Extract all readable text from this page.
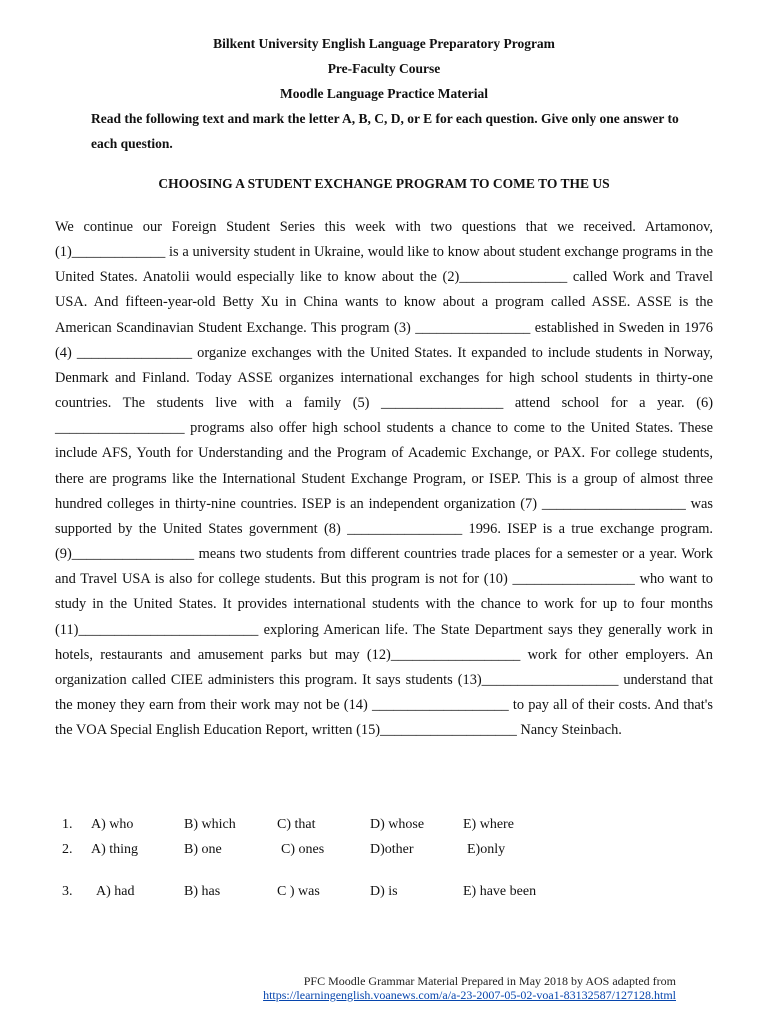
Bilkent University English Language Preparatory Program
Pre-Faculty Course
Moodle Language Practice Material
Read the following text and mark the letter A, B, C, D, or E for each question. Give only one answer to each question.
CHOOSING A STUDENT EXCHANGE PROGRAM TO COME TO THE US

We continue our Foreign Student Series this week with two questions that we received. Artamonov, (1)_____________ is a university student in Ukraine, would like to know about student exchange programs in the United States. Anatolii would especially like to know about the (2)_______________ called Work and Travel USA. And fifteen-year-old Betty Xu in China wants to know about a program called ASSE. ASSE is the American Scandinavian Student Exchange. This program (3) ________________ established in Sweden in 1976 (4) ________________ organize exchanges with the United States. It expanded to include students in Norway, Denmark and Finland. Today ASSE organizes international exchanges for high school students in thirty-one countries. The students live with a family (5) _________________ attend school for a year. (6) __________________ programs also offer high school students a chance to come to the United States. These include AFS, Youth for Understanding and the Program of Academic Exchange, or PAX. For college students, there are programs like the International Student Exchange Program, or ISEP. This is a group of almost three hundred colleges in thirty-nine countries. ISEP is an independent organization (7) ____________________ was supported by the United States government (8) ________________ 1996. ISEP is a true exchange program. (9)_________________ means two students from different countries trade places for a semester or a year. Work and Travel USA is also for college students. But this program is not for (10) _________________ who want to study in the United States. It provides international students with the chance to work for up to four months (11)_________________________ exploring American life. The State Department says they generally work in hotels, restaurants and amusement parks but may (12)__________________ work for other employers. An organization called CIEE administers this program. It says students (13)___________________ understand that the money they earn from their work may not be (14) ___________________ to pay all of their costs. And that's the VOA Special English Education Report, written (15)___________________ Nancy Steinbach.

1. A) who	B) which	C) that	D) whose	E) where
2. A) thing	B) one	C) ones	D)other	E)only
3. A) had	B) has	C ) was	D) is	E) have been
PFC Moodle Grammar Material Prepared in May 2018 by AOS adapted from
https://learningenglish.voanews.com/a/a-23-2007-05-02-voa1-83132587/127128.html
